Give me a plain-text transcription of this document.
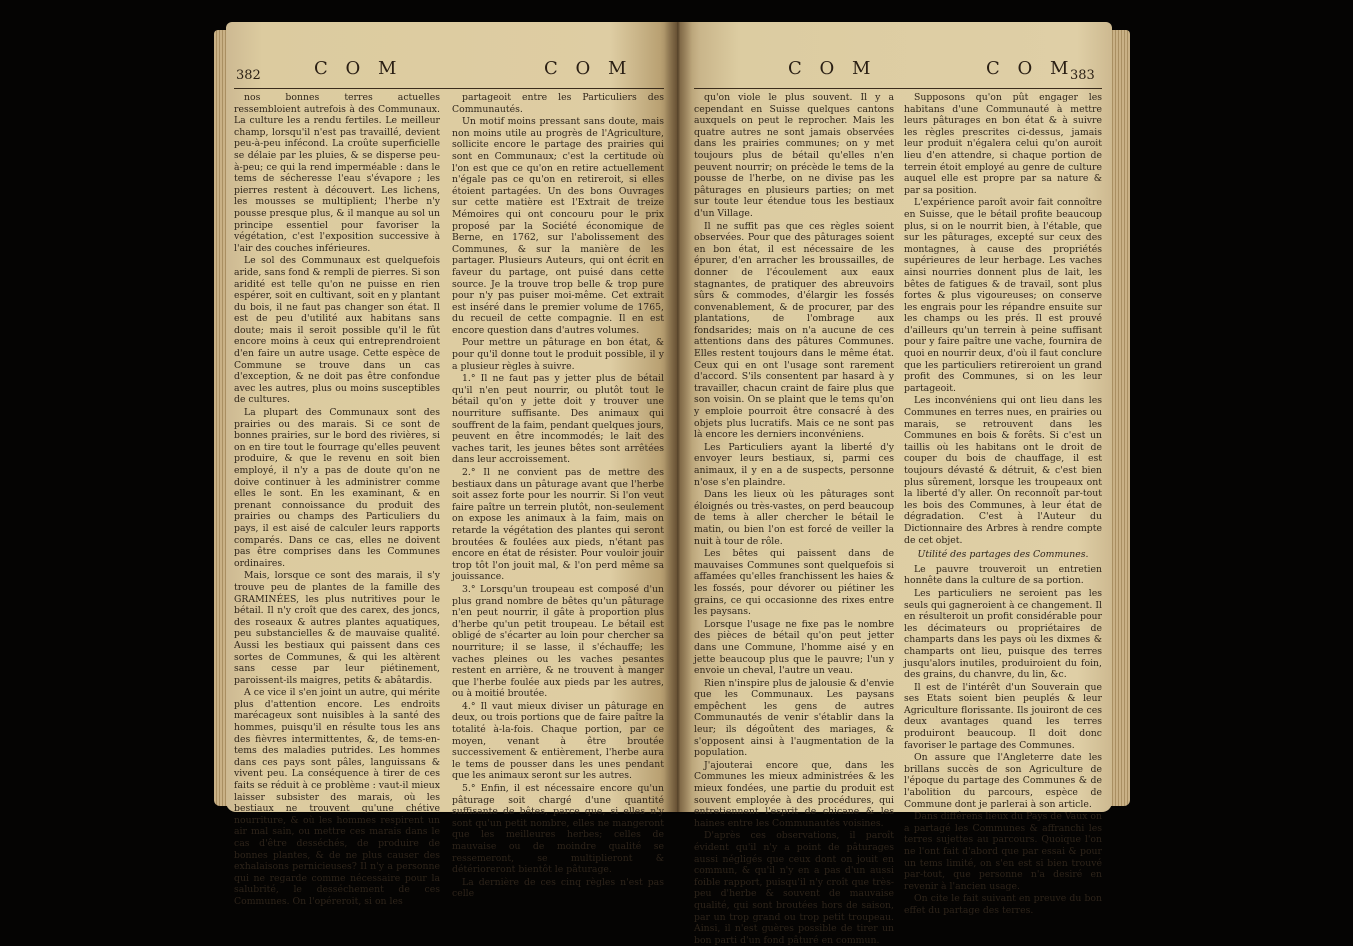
382	C O M	C O M

nos bonnes terres actuelles ressembloient autrefois à des Communaux. La culture les a rendu fertiles. Le meilleur champ, lorsqu'il n'est pas travaillé, devient peu-à-peu infécond. La croûte superficielle se délaie par les pluies, & se disperse peu-à-peu; ce qui la rend imperméable : dans le tems de sécheresse l'eau s'évapore ; les pierres restent à découvert. Les lichens, les mousses se multiplient; l'herbe n'y pousse presque plus, & il manque au sol un principe essentiel pour favoriser la végétation, c'est l'exposition successive à l'air des couches inférieures.

Le sol des Communaux est quelquefois aride, sans fond & rempli de pierres. Si son aridité est telle qu'on ne puisse en rien espérer, soit en cultivant, soit en y plantant du bois, il ne faut pas changer son état. Il est de peu d'utilité aux habitans sans doute; mais il seroit possible qu'il le fût encore moins à ceux qui entreprendroient d'en faire un autre usage. Cette espèce de Commune se trouve dans un cas d'exception, & ne doit pas être confondue avec les autres, plus ou moins susceptibles de cultures.

La plupart des Communaux sont des prairies ou des marais. Si ce sont de bonnes prairies, sur le bord des rivières, si on en tire tout le fourrage qu'elles peuvent produire, & que le revenu en soit bien employé, il n'y a pas de doute qu'on ne doive continuer à les administrer comme elles le sont. En les examinant, & en prenant connoissance du produit des prairies ou champs des Particuliers du pays, il est aisé de calculer leurs rapports comparés. Dans ce cas, elles ne doivent pas être comprises dans les Communes ordinaires.

Mais, lorsque ce sont des marais, il s'y trouve peu de plantes de la famille des GRAMINÉES, les plus nutritives pour le bétail. Il n'y croît que des carex, des joncs, des roseaux & autres plantes aquatiques, peu substancielles & de mauvaise qualité. Aussi les bestiaux qui paissent dans ces sortes de Communes, & qui les altèrent sans cesse par leur piétinement, paroissent-ils maigres, petits & abâtardis.

A ce vice il s'en joint un autre, qui mérite plus d'attention encore. Les endroits marécageux sont nuisibles à la santé des hommes, puisqu'il en résulte tous les ans des fièvres intermittentes, &, de tems-en-tems des maladies putrides. Les hommes dans ces pays sont pâles, languissans & vivent peu. La conséquence à tirer de ces faits se réduit à ce problème : vaut-il mieux laisser subsister des marais, où les bestiaux ne trouvent qu'une chétive nourriture, & où les hommes respirent un air mal sain, ou mettre ces marais dans le cas d'être desséchés, de produire de bonnes plantes, & de ne plus causer des exhalaisons pernicieuses? Il n'y a personne qui ne regarde comme nécessaire pour la salubrité, le desséchement de ces Communes. On l'opéreroit, si on les

partageoit entre les Particuliers des Communautés.

Un motif moins pressant sans doute, mais non moins utile au progrès de l'Agriculture, sollicite encore le partage des prairies qui sont en Communaux; c'est la certitude où l'on est que ce qu'on en retire actuellement n'égale pas ce qu'on en retireroit, si elles étoient partagées. Un des bons Ouvrages sur cette matière est l'Extrait de treize Mémoires qui ont concouru pour le prix proposé par la Société économique de Berne, en 1762, sur l'abolissement des Communes, & sur la manière de les partager. Plusieurs Auteurs, qui ont écrit en faveur du partage, ont puisé dans cette source. Je la trouve trop belle & trop pure pour n'y pas puiser moi-même. Cet extrait est inséré dans le premier volume de 1765, du recueil de cette compagnie. Il en est encore question dans d'autres volumes.

Pour mettre un pâturage en bon état, & pour qu'il donne tout le produit possible, il y a plusieur règles à suivre.

1.° Il ne faut pas y jetter plus de bétail qu'il n'en peut nourrir, ou plutôt tout le bétail qu'on y jette doit y trouver une nourriture suffisante. Des animaux qui souffrent de la faim, pendant quelques jours, peuvent en être incommodés; le lait des vaches tarit, les jeunes bêtes sont arrêtées dans leur accroissement.

2.° Il ne convient pas de mettre des bestiaux dans un pâturage avant que l'herbe soit assez forte pour les nourrir. Si l'on veut faire paître un terrein plutôt, non-seulement on expose les animaux à la faim, mais on retarde la végétation des plantes qui seront broutées & foulées aux pieds, n'étant pas encore en état de résister. Pour vouloir jouir trop tôt l'on jouit mal, & l'on perd même sa jouissance.

3.° Lorsqu'un troupeau est composé d'un plus grand nombre de bêtes qu'un pâturage n'en peut nourrir, il gâte à proportion plus d'herbe qu'un petit troupeau. Le bétail est obligé de s'écarter au loin pour chercher sa nourriture; il se lasse, il s'échauffe; les vaches pleines ou les vaches pesantes restent en arrière, & ne trouvent à manger que l'herbe foulée aux pieds par les autres, ou à moitié broutée.

4.° Il vaut mieux diviser un pâturage en deux, ou trois portions que de faire paître la totalité à-la-fois. Chaque portion, par ce moyen, venant à être broutée successivement & entièrement, l'herbe aura le tems de pousser dans les unes pendant que les animaux seront sur les autres.

5.° Enfin, il est nécessaire encore qu'un pâturage soit chargé d'une quantité suffisante de bêtes, parce que, si elles n'y sont qu'un petit nombre, elles ne mangeront que les meilleures herbes; celles de mauvaise ou de moindre qualité se ressemeront, se multiplieront & détérioreront bientôt le pâturage.

La dernière de ces cinq règles n'est pas celle

C O M	C O M
383

qu'on viole le plus souvent. Il y a cependant en Suisse quelques cantons auxquels on peut le reprocher. Mais les quatre autres ne sont jamais observées dans les prairies communes; on y met toujours plus de bétail qu'elles n'en peuvent nourrir; on précède le tems de la pousse de l'herbe, on ne divise pas les pâturages en plusieurs parties; on met sur toute leur étendue tous les bestiaux d'un Village.

Il ne suffit pas que ces règles soient observées. Pour que des pâturages soient en bon état, il est nécessaire de les épurer, d'en arracher les broussailles, de donner de l'écoulement aux eaux stagnantes, de pratiquer des abreuvoirs sûrs & commodes, d'élargir les fossés convenablement, & de procurer, par des plantations, de l'ombrage aux fondsarides; mais on n'a aucune de ces attentions dans des pâtures Communes. Elles restent toujours dans le même état. Ceux qui en ont l'usage sont rarement d'accord. S'ils consentent par hasard à y travailler, chacun craint de faire plus que son voisin. On se plaint que le tems qu'on y emploie pourroit être consacré à des objets plus lucratifs. Mais ce ne sont pas là encore les derniers inconvéniens.

Les Particuliers ayant la liberté d'y envoyer leurs bestiaux, si, parmi ces animaux, il y en a de suspects, personne n'ose s'en plaindre.

Dans les lieux où les pâturages sont éloignés ou très-vastes, on perd beaucoup de tems à aller chercher le bétail le matin, ou bien l'on est forcé de veiller la nuit à tour de rôle.

Les bêtes qui paissent dans de mauvaises Communes sont quelquefois si affamées qu'elles franchissent les haies & les fossés, pour dévorer ou piétiner les grains, ce qui occasionne des rixes entre les paysans.

Lorsque l'usage ne fixe pas le nombre des pièces de bétail qu'on peut jetter dans une Commune, l'homme aisé y en jette beaucoup plus que le pauvre; l'un y envoie un cheval, l'autre un veau.

Rien n'inspire plus de jalousie & d'envie que les Communaux. Les paysans empêchent les gens de autres Communautés de venir s'établir dans la leur; ils dégoûtent des mariages, & s'opposent ainsi à l'augmentation de la population.

J'ajouterai encore que, dans les Communes les mieux administrées & les mieux fondées, une partie du produit est souvent employée à des procédures, qui entretiennent l'esprit de chicane & les haines entre les Communautés voisines.

D'après ces observations, il paroît évident qu'il n'y a point de pâturages aussi négligés que ceux dont on jouit en commun, & qu'il n'y en a pas d'un aussi foible rapport, puisqu'il n'y croît que très-peu d'herbe & souvent de mauvaise qualité, qui sont broutées hors de saison, par un trop grand ou trop petit troupeau. Ainsi, il n'est guères possible de tirer un bon parti d'un fond pâturé en commun.

Supposons qu'on pût engager les habitans d'une Communauté à mettre leurs pâturages en bon état & à suivre les règles prescrites ci-dessus, jamais leur produit n'égalera celui qu'on auroit lieu d'en attendre, si chaque portion de terrein étoit employé au genre de culture auquel elle est propre par sa nature & par sa position.

L'expérience paroît avoir fait connoître en Suisse, que le bétail profite beaucoup plus, si on le nourrit bien, à l'étable, que sur les pâturages, excepté sur ceux des montagnes, à cause des propriétés supérieures de leur herbage. Les vaches ainsi nourries donnent plus de lait, les bêtes de fatigues & de travail, sont plus fortes & plus vigoureuses; on conserve les engrais pour les répandre ensuite sur les champs ou les prés. Il est prouvé d'ailleurs qu'un terrein à peine suffisant pour y faire paître une vache, fournira de quoi en nourrir deux, d'où il faut conclure que les particuliers retireroient un grand profit des Communes, si on les leur partageoit.

Les inconvéniens qui ont lieu dans les Communes en terres nues, en prairies ou marais, se retrouvent dans les Communes en bois & forêts. Si c'est un taillis où les habitans ont le droit de couper du bois de chauffage, il est toujours dévasté & détruit, & c'est bien plus sûrement, lorsque les troupeaux ont la liberté d'y aller. On reconnoît par-tout les bois des Communes, à leur état de dégradation. C'est à l'Auteur du Dictionnaire des Arbres à rendre compte de cet objet.

Utilité des partages des Communes.

Le pauvre trouveroit un entretien honnête dans la culture de sa portion.

Les particuliers ne seroient pas les seuls qui gagneroient à ce changement. Il en résulteroit un profit considérable pour les décimateurs ou propriétaires de champarts dans les pays où les dixmes & champarts ont lieu, puisque des terres jusqu'alors inutiles, produiroient du foin, des grains, du chanvre, du lin, &c.

Il est de l'intérêt d'un Souverain que ses Etats soient bien peuplés & leur Agriculture florissante. Ils jouiront de ces deux avantages quand les terres produiront beaucoup. Il doit donc favoriser le partage des Communes.

On assure que l'Angleterre date les brillans succès de son Agriculture de l'époque du partage des Communes & de l'abolition du parcours, espèce de Commune dont je parlerai à son article.

Dans différens lieux du Pays de Vaux on a partagé les Communes & affranchi les terres sujettes au parcours. Quoique l'on ne l'ont fait d'abord que par essai & pour un tems limité, on s'en est si bien trouvé par-tout, que personne n'a desiré en revenir à l'ancien usage.

On cite le fait suivant en preuve du bon effet du partage des terres.
